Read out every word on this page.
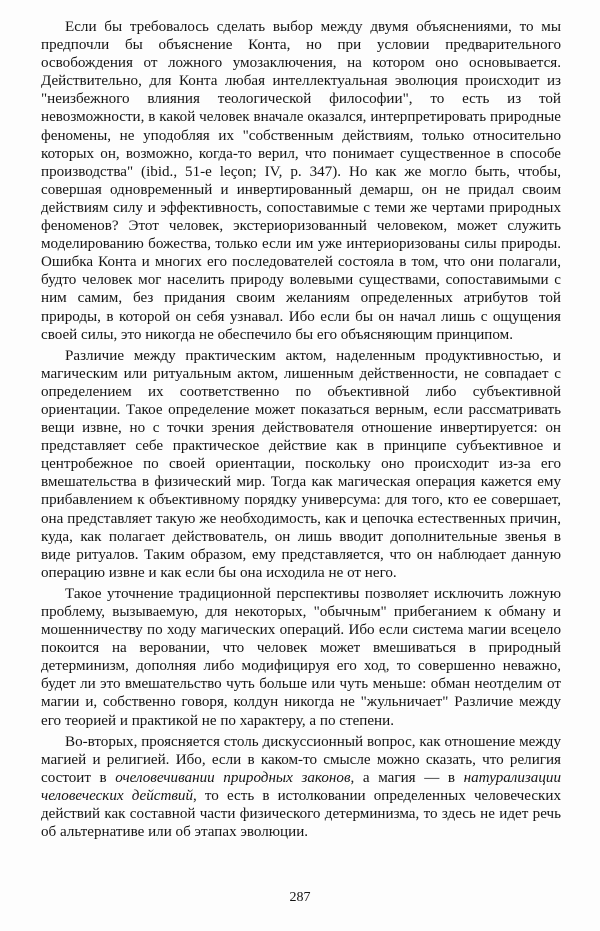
Если бы требовалось сделать выбор между двумя объяснениями, то мы предпочли бы объяснение Конта, но при условии предварительного освобождения от ложного умозаключения, на котором оно основывается. Действительно, для Конта любая интеллектуальная эволюция происходит из "неизбежного влияния теологической философии", то есть из той невозможности, в какой человек вначале оказался, интерпретировать природные феномены, не уподобляя их "собственным действиям, только относительно которых он, возможно, когда-то верил, что понимает существенное в способе производства" (ibid., 51-e leçon; IV, p. 347). Но как же могло быть, чтобы, совершая одновременный и инвертированный демарш, он не придал своим действиям силу и эффективность, сопоставимые с теми же чертами природных феноменов? Этот человек, экстериоризованный человеком, может служить моделированию божества, только если им уже интериоризованы силы природы. Ошибка Конта и многих его последователей состояла в том, что они полагали, будто человек мог населить природу волевыми существами, сопоставимыми с ним самим, без придания своим желаниям определенных атрибутов той природы, в которой он себя узнавал. Ибо если бы он начал лишь с ощущения своей силы, это никогда не обеспечило бы его объясняющим принципом.

Различие между практическим актом, наделенным продуктивностью, и магическим или ритуальным актом, лишенным действенности, не совпадает с определением их соответственно по объективной либо субъективной ориентации. Такое определение может показаться верным, если рассматривать вещи извне, но с точки зрения действователя отношение инвертируется: он представляет себе практическое действие как в принципе субъективное и центробежное по своей ориентации, поскольку оно происходит из-за его вмешательства в физический мир. Тогда как магическая операция кажется ему прибавлением к объективному порядку универсума: для того, кто ее совершает, она представляет такую же необходимость, как и цепочка естественных причин, куда, как полагает действователь, он лишь вводит дополнительные звенья в виде ритуалов. Таким образом, ему представляется, что он наблюдает данную операцию извне и как если бы она исходила не от него.

Такое уточнение традиционной перспективы позволяет исключить ложную проблему, вызываемую, для некоторых, "обычным" прибеганием к обману и мошенничеству по ходу магических операций. Ибо если система магии всецело покоится на веровании, что человек может вмешиваться в природный детерминизм, дополняя либо модифицируя его ход, то совершенно неважно, будет ли это вмешательство чуть больше или чуть меньше: обман неотделим от магии и, собственно говоря, колдун никогда не "жульничает" Различие между его теорией и практикой не по характеру, а по степени.

Во-вторых, проясняется столь дискуссионный вопрос, как отношение между магией и религией. Ибо, если в каком-то смысле можно сказать, что религия состоит в очеловечивании природных законов, а магия — в натурализации человеческих действий, то есть в истолковании определенных человеческих действий как составной части физического детерминизма, то здесь не идет речь об альтернативе или об этапах эволюции.

287
